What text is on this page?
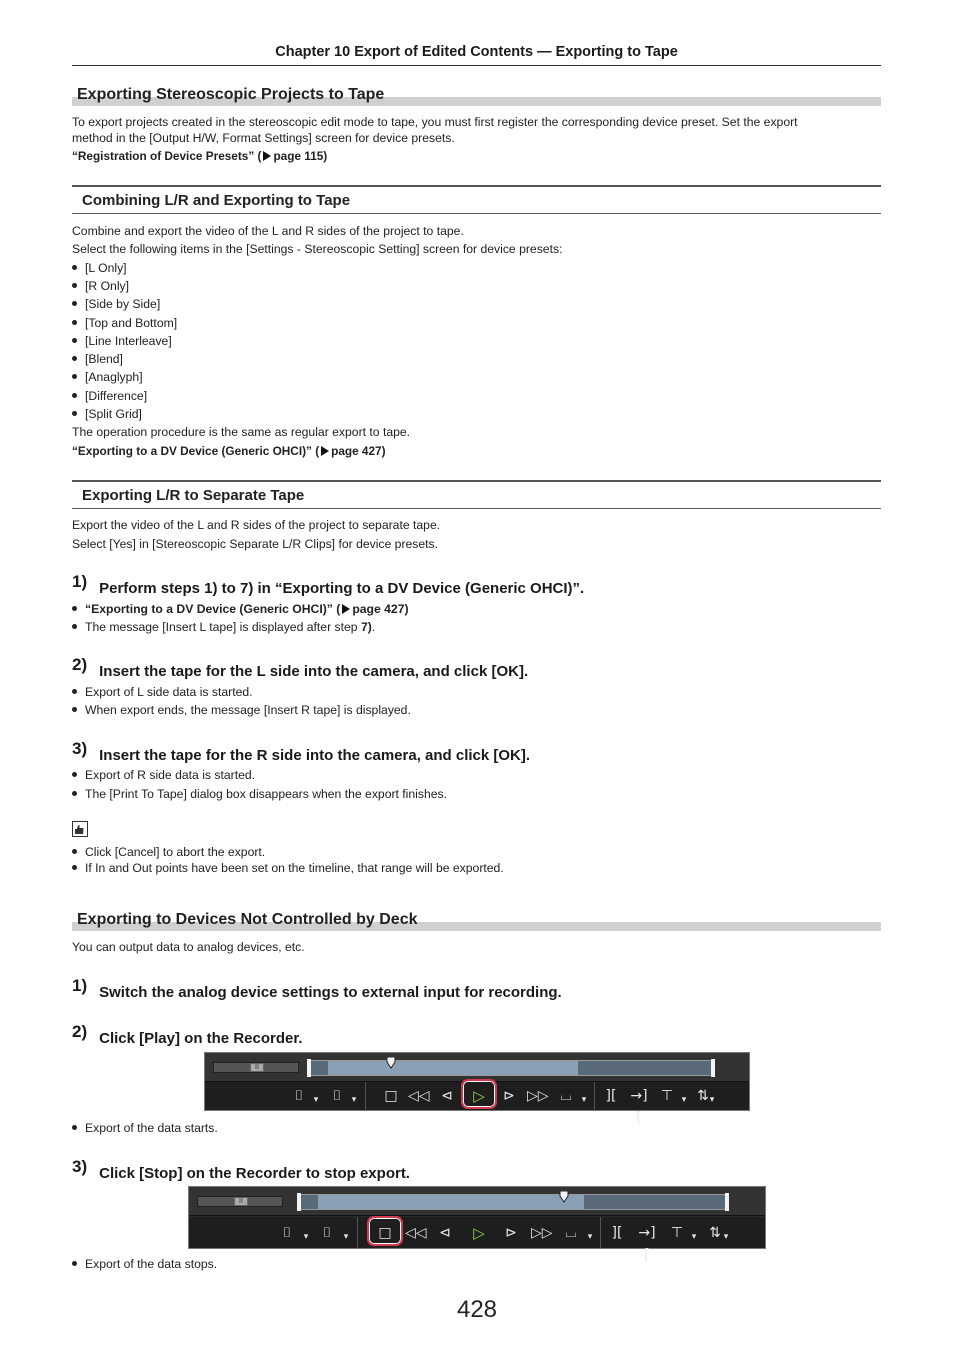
Chapter 10 Export of Edited Contents — Exporting to Tape
Exporting Stereoscopic Projects to Tape
To export projects created in the stereoscopic edit mode to tape, you must first register the corresponding device preset. Set the export
method in the [Output H/W, Format Settings] screen for device presets.
“Registration of Device Presets” ( page 115)
Combining L/R and Exporting to Tape
Combine and export the video of the L and R sides of the project to tape.
Select the following items in the [Settings - Stereoscopic Setting] screen for device presets:
[L Only]
[R Only]
[Side by Side]
[Top and Bottom]
[Line Interleave]
[Blend]
[Anaglyph]
[Difference]
[Split Grid]
The operation procedure is the same as regular export to tape.
“Exporting to a DV Device (Generic OHCI)” ( page 427)
Exporting L/R to Separate Tape
Export the video of the L and R sides of the project to separate tape.
Select [Yes] in [Stereoscopic Separate L/R Clips] for device presets.
1) Perform steps 1) to 7) in “Exporting to a DV Device (Generic OHCI)”.
“Exporting to a DV Device (Generic OHCI)” ( page 427)
The message [Insert L tape] is displayed after step 7).
2) Insert the tape for the L side into the camera, and click [OK].
Export of L side data is started.
When export ends, the message [Insert R tape] is displayed.
3) Insert the tape for the R side into the camera, and click [OK].
Export of R side data is started.
The [Print To Tape] dialog box disappears when the export finishes.
Click [Cancel] to abort the export.
If In and Out points have been set on the timeline, that range will be exported.
Exporting to Devices Not Controlled by Deck
You can output data to analog devices, etc.
1) Switch the analog device settings to external input for recording.
2) Click [Play] on the Recorder.
II
⌷	▾	⌷	▾ □ ◁◁ ⊲ ▷	⊳ ▷▷ ⌴	▾	][ →][
⊤ ▾ ⇅ ▾
Export of the data starts.
3) Click [Stop] on the Recorder to stop export.
II
⌷	▾	⌷	▾ □ ◁◁ ⊲ ▷	⊳ ▷▷ ⌴	▾	][	→][
⊤ ▾ ⇅ ▾
Export of the data stops.
428
